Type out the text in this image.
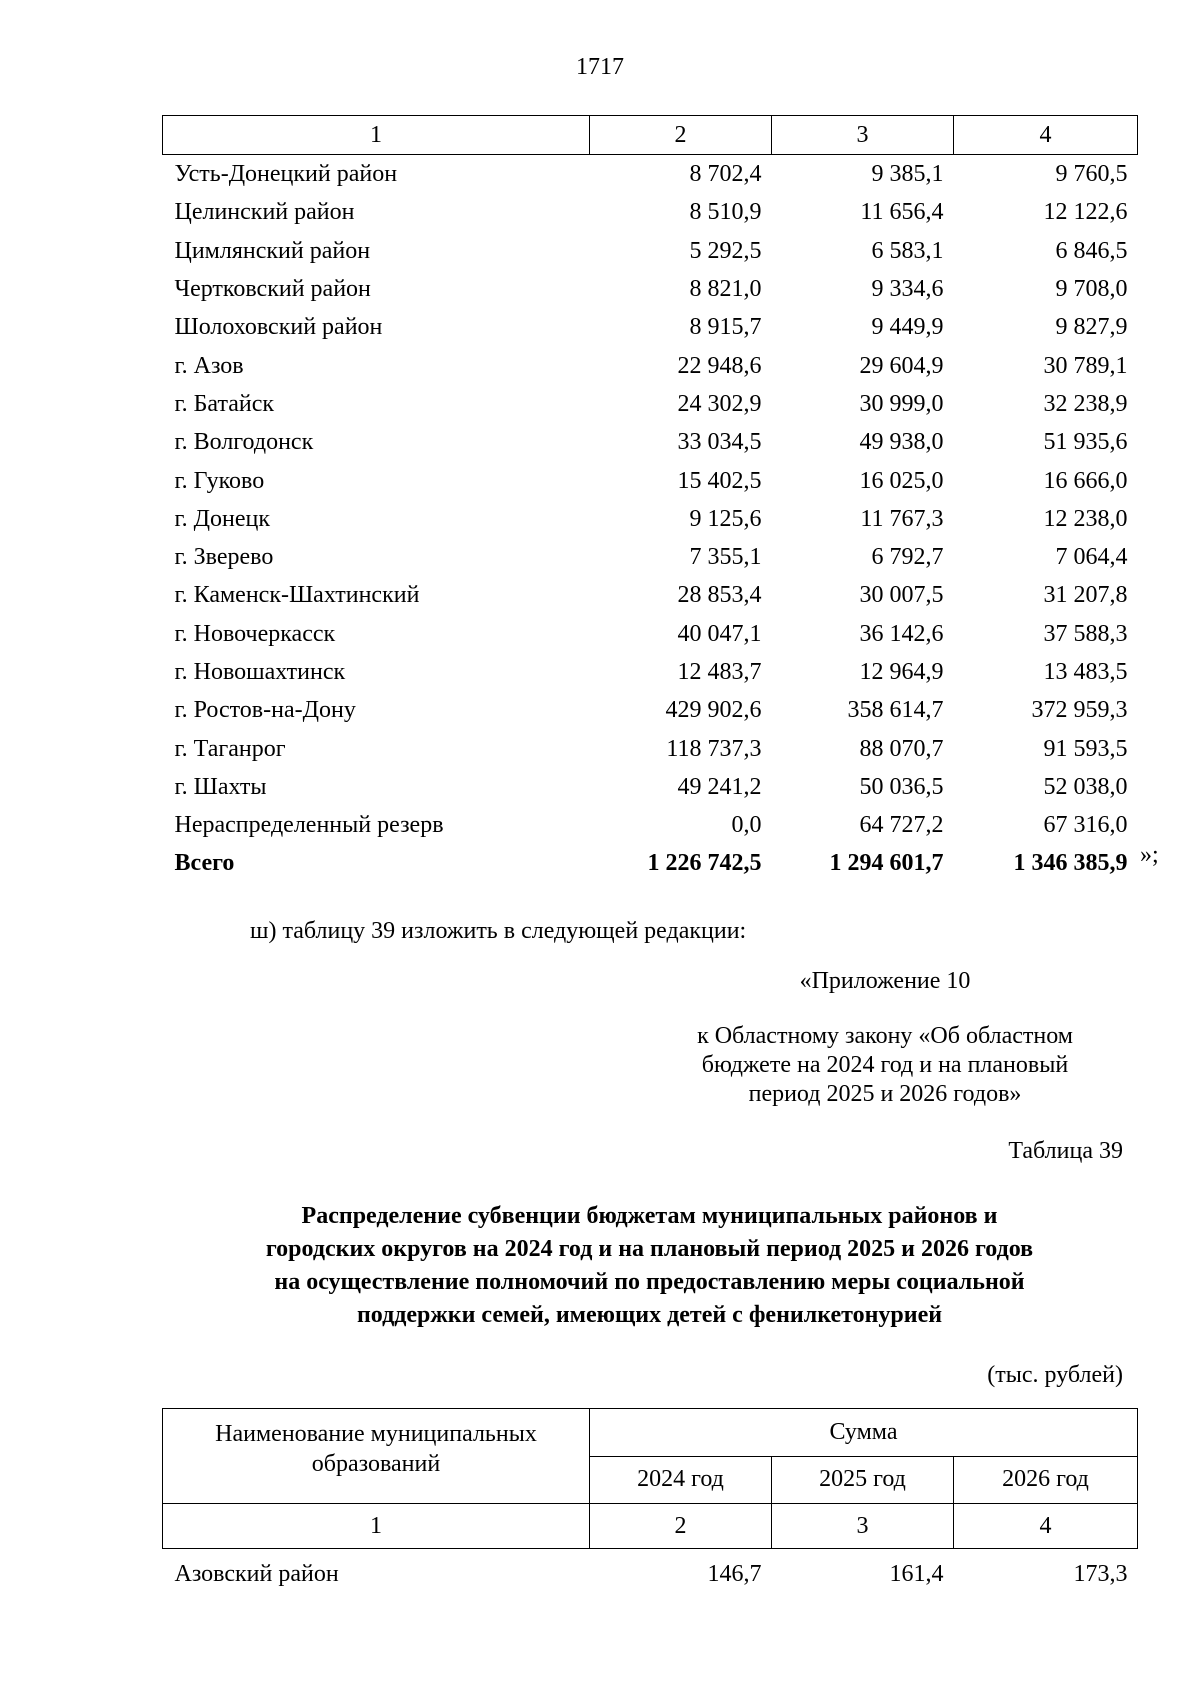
1717
1	2	3	4
Усть-Донецкий район	8 702,4	9 385,1	9 760,5
Целинский район	8 510,9	11 656,4	12 122,6
Цимлянский район	5 292,5	6 583,1	6 846,5
Чертковский район	8 821,0	9 334,6	9 708,0
Шолоховский район	8 915,7	9 449,9	9 827,9
г. Азов	22 948,6	29 604,9	30 789,1
г. Батайск	24 302,9	30 999,0	32 238,9
г. Волгодонск	33 034,5	49 938,0	51 935,6
г. Гуково	15 402,5	16 025,0	16 666,0
г. Донецк	9 125,6	11 767,3	12 238,0
г. Зверево	7 355,1	6 792,7	7 064,4
г. Каменск-Шахтинский	28 853,4	30 007,5	31 207,8
г. Новочеркасск	40 047,1	36 142,6	37 588,3
г. Новошахтинск	12 483,7	12 964,9	13 483,5
г. Ростов-на-Дону	429 902,6	358 614,7	372 959,3
г. Таганрог	118 737,3	88 070,7	91 593,5
г. Шахты	49 241,2	50 036,5	52 038,0
Нераспределенный резерв	0,0	64 727,2	67 316,0
Всего	1 226 742,5	1 294 601,7	1 346 385,9 »;
ш) таблицу 39 изложить в следующей редакции:
«Приложение 10
к Областному закону «Об областном
бюджете на 2024 год и на плановый
период 2025 и 2026 годов»
Таблица 39
Распределение субвенции бюджетам муниципальных районов и
городских округов на 2024 год и на плановый период 2025 и 2026 годов
на осуществление полномочий по предоставлению меры социальной
поддержки семей, имеющих детей с фенилкетонурией
(тыс. рублей)
Наименование муниципальных образований	Сумма		
	2024 год	2025 год	2026 год
1	2	3	4
Азовский район	146,7	161,4	173,3
